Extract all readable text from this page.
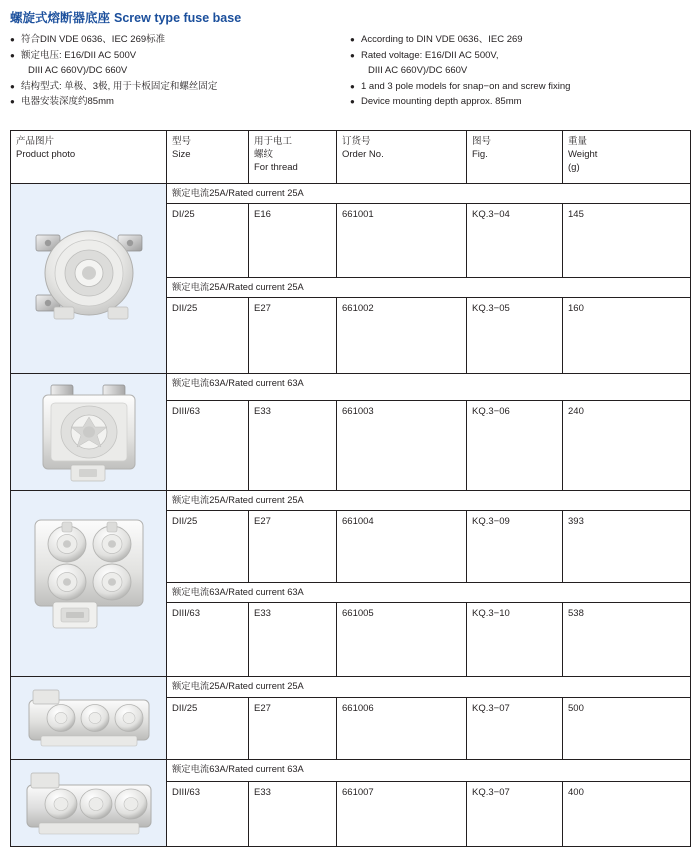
螺旋式熔断器底座 Screw type fuse base
● 符合DIN VDE 0636、IEC 269标准
● 额定电压: E16/DII AC 500V
DIII AC 660V)/DC 660V
● 结构型式: 单极、3极, 用于卡板固定和螺丝固定
● 电器安装深度约85mm
● According to DIN VDE 0636、IEC 269
● Rated voltage: E16/DII AC 500V,
DIII AC 660V)/DC 660V
● 1 and 3 pole models for snap−on and screw fixing
● Device mounting depth approx. 85mm
产品图片
Product photo	型号
Size	用于电工
螺纹
For thread	订货号
Order No.	图号
Fig.	重量
Weight
(g)

	额定电流25A/Rated current 25A				
	DI/25	E16	661001	KQ.3−04	145
	额定电流25A/Rated current 25A				
	DII/25	E27	661002	KQ.3−05	160

	额定电流63A/Rated current 63A				
	DIII/63	E33	661003	KQ.3−06	240

	额定电流25A/Rated current 25A				
	DII/25	E27	661004	KQ.3−09	393
	额定电流63A/Rated current 63A				
	DIII/63	E33	661005	KQ.3−10	538

	额定电流25A/Rated current 25A				
	DII/25	E27	661006	KQ.3−07	500

	额定电流63A/Rated current 63A				
	DIII/63	E33	661007	KQ.3−07	400
